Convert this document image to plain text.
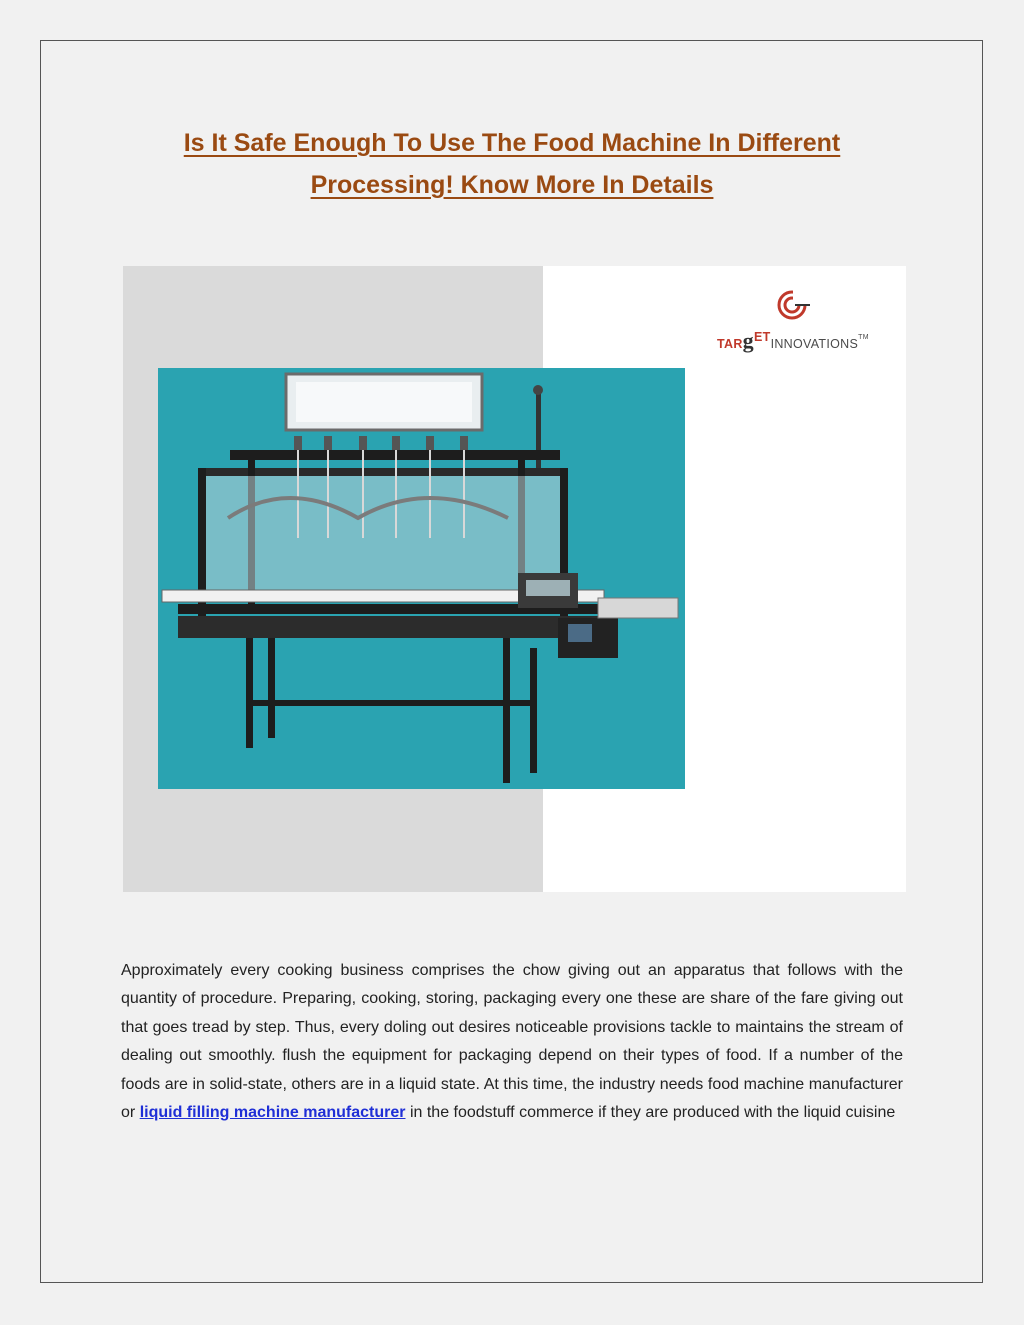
Is It Safe Enough To Use The Food Machine In Different Processing! Know More In Details
TARgETINNOVATIONS™
Approximately every cooking business comprises the chow giving out an apparatus that follows with the quantity of procedure. Preparing, cooking, storing, packaging every one these are share of the fare giving out that goes tread by step. Thus, every doling out desires noticeable provisions tackle to maintains the stream of dealing out smoothly. flush the equipment for packaging depend on their types of food. If a number of the foods are in solid-state, others are in a liquid state. At this time, the industry needs food machine manufacturer or liquid filling machine manufacturer in the foodstuff commerce if they are produced with the liquid cuisine
